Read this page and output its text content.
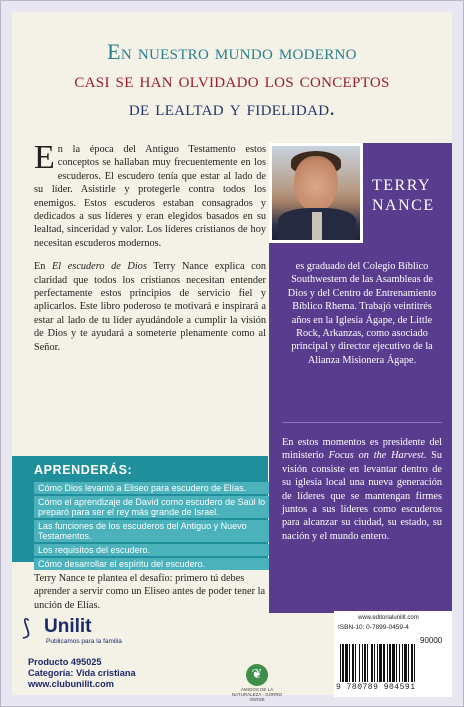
En nuestro mundo moderno
casi se han olvidado los conceptos
de lealtad y fidelidad.

En la época del Antiguo Testamento estos conceptos se hallaban muy frecuentemente en los escuderos. El escudero tenía que estar al lado de su líder. Asistirle y protegerle contra todos los enemigos. Estos escuderos estaban consagrados y dedicados a sus líderes y eran elegidos basados en su lealtad, sinceridad y valor. Los líderes cristianos de hoy necesitan escuderos modernos.

En El escudero de Dios Terry Nance explica con claridad que todos los cristianos necesitan entender perfectamente estos principios de servicio fiel y aplicarlos. Este libro poderoso te motivará e inspirará a estar al lado de tu líder ayudándole a cumplir la visión de Dios y te ayudará a someterte plenamente como al Señor.

APRENDERÁS:
Cómo Dios levantó a Eliseo para escudero de Elías.
Cómo el aprendizaje de David como escudero de Saúl lo preparó para ser el rey más grande de Israel.
Las funciones de los escuderos del Antiguo y Nuevo Testamentos.
Los requisitos del escudero.
Cómo desarrollar el espíritu del escudero.
Terry Nance te plantea el desafío: primero tú debes aprender a servir como un Eliseo antes de poder tener la unción de Elías.
TERRY
NANCE
es graduado del Colegio Bíblico Southwestern de las Asambleas de Dios y del Centro de Entrenamiento Bíblico Rhema. Trabajó veintitrés años en la Iglesia Ágape, de Little Rock, Arkanzas, como asociado principal y director ejecutivo de la Alianza Misionera Ágape.
En estos momentos es presidente del ministerio Focus on the Harvest. Su visión consiste en levantar dentro de su iglesia local una nueva generación de líderes que se mantengan firmes juntos a sus líderes como escuderos para alcanzar su ciudad, su estado, su nación y el mundo entero.
⟆ Unilit
Publicamos para la familia
Producto 495025
Categoría: Vida cristiana
www.clubunilit.com
❦
AMIGOS DE LA NATURALEZA - GORRO VERDE
www.editorialunilit.com
ISBN-10: 0-7899-0459-4
90000
9 780789 904591
